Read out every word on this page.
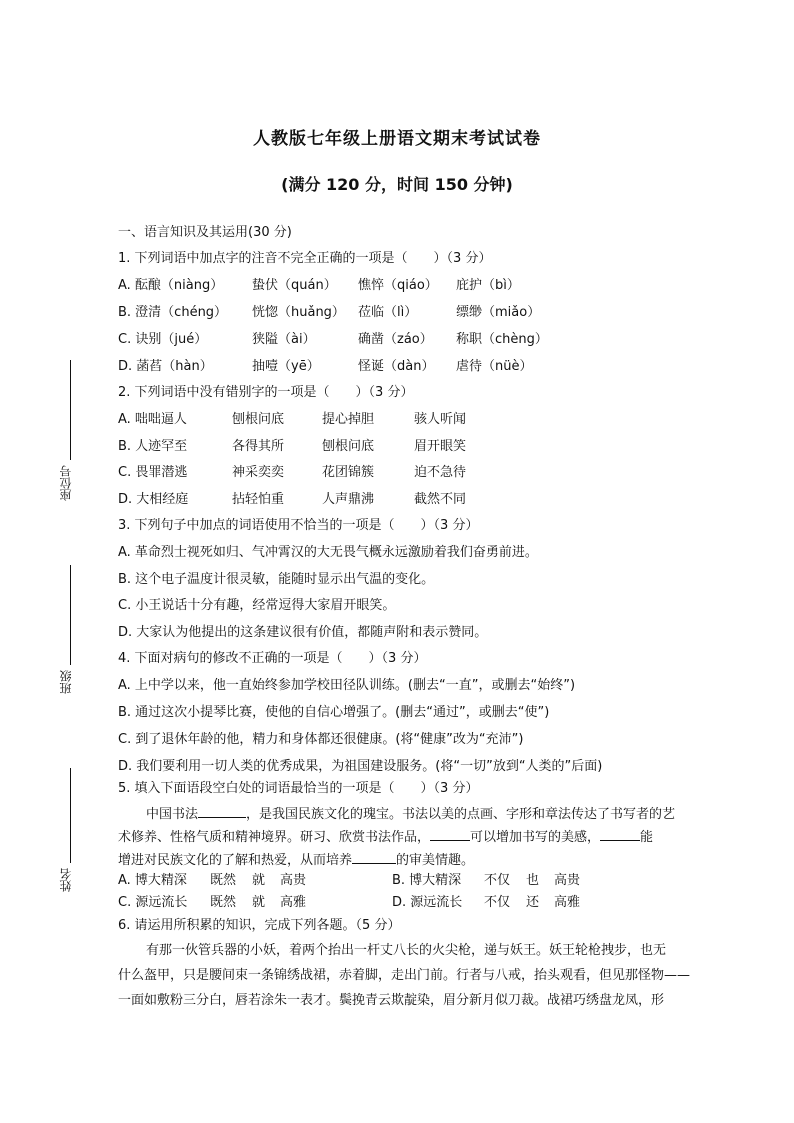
人教版七年级上册语文期末考试试卷
(满分 120 分，时间 150 分钟)
座位号
班级
姓名
一、语言知识及其运用(30 分)
1. 下列词语中加点字的注音不完全正确的一项是（　　）（3 分）
A. 酝酿（niàng） 蛰伏（quán） 憔悴（qiáo） 庇护（bì）
B. 澄清（chéng） 恍惚（huǎng） 莅临（lì）	缥缈（miǎo）
C. 诀别（jué）	狭隘（ài）	确凿（záo） 称职（chèng）
D. 菡萏（hàn）	抽噎（yē）	怪诞（dàn） 虐待（nüè）
2. 下列词语中没有错别字的一项是（　　）（3 分）
A. 咄咄逼人	刨根问底	提心掉胆	骇人听闻
B. 人迹罕至	各得其所	刨根问底	眉开眼笑
C. 畏罪潜逃	神采奕奕	花团锦簇	迫不急待
D. 大相经庭	拈轻怕重	人声鼎沸	截然不同
3. 下列句子中加点的词语使用不恰当的一项是（　　）（3 分）
A. 革命烈士视死如归、气冲霄汉的大无畏气概永远激励着我们奋勇前进。
B. 这个电子温度计很灵敏，能随时显示出气温的变化。
C. 小王说话十分有趣，经常逗得大家眉开眼笑。
D. 大家认为他提出的这条建议很有价值，都随声附和表示赞同。
4. 下面对病句的修改不正确的一项是（　　）（3 分）
A. 上中学以来，他一直始终参加学校田径队训练。(删去“一直”，或删去“始终”)
B. 通过这次小提琴比赛，使他的自信心增强了。(删去“通过”，或删去“使”)
C. 到了退休年龄的他，精力和身体都还很健康。(将“健康”改为“充沛”)
D. 我们要利用一切人类的优秀成果，为祖国建设服务。(将“一切”放到“人类的”后面)
5. 填入下面语段空白处的词语最恰当的一项是（　　）（3 分）
中国书法	，是我国民族文化的瑰宝。书法以美的点画、字形和章法传达了书写者的艺
术修养、性格气质和精神境界。研习、欣赏书法作品，	可以增加书写的美感，	能
增进对民族文化的了解和热爱，从而培养	的审美情趣。
A. 博大精深 既然 就 高贵	B. 博大精深 不仅 也 高贵
C. 源远流长 既然 就 高雅	D. 源远流长 不仅 还 高雅
6. 请运用所积累的知识，完成下列各题。（5 分）
有那一伙管兵器的小妖，着两个抬出一杆丈八长的火尖枪，递与妖王。妖王轮枪拽步，也无
什么盔甲，只是腰间束一条锦绣战裙，赤着脚，走出门前。行者与八戒，抬头观看，但见那怪物——
一面如敷粉三分白，唇若涂朱一表才。鬓挽青云欺靛染，眉分新月似刀裁。战裙巧绣盘龙凤，形
